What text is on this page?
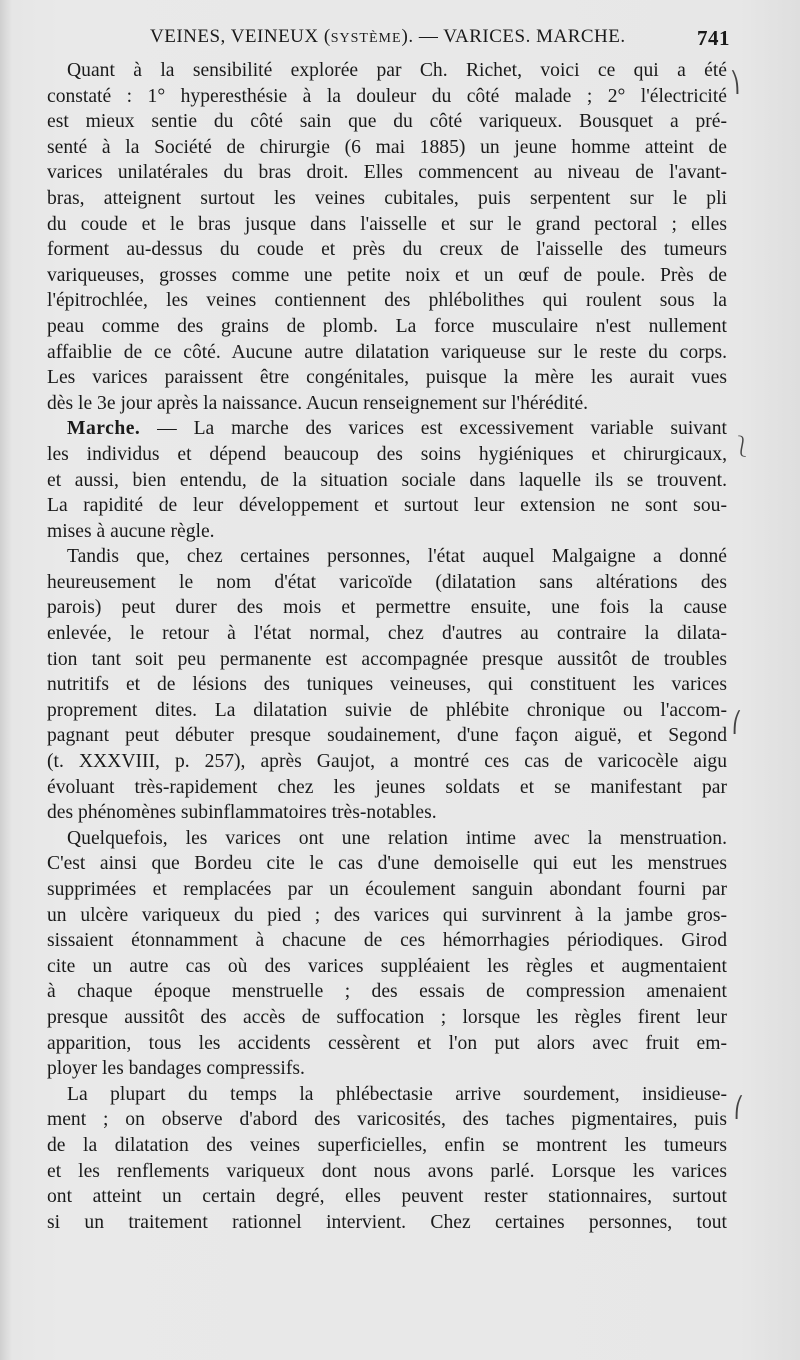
VEINES, VEINEUX (SYSTÈME). — VARICES. MARCHE.	741
Quant à la sensibilité explorée par Ch. Richet, voici ce qui a été
constaté : 1° hyperesthésie à la douleur du côté malade ; 2° l'électricité
est mieux sentie du côté sain que du côté variqueux. Bousquet a pré-
senté à la Société de chirurgie (6 mai 1885) un jeune homme atteint de
varices unilatérales du bras droit. Elles commencent au niveau de l'avant-
bras, atteignent surtout les veines cubitales, puis serpentent sur le pli
du coude et le bras jusque dans l'aisselle et sur le grand pectoral ; elles
forment au-dessus du coude et près du creux de l'aisselle des tumeurs
variqueuses, grosses comme une petite noix et un œuf de poule. Près de
l'épitrochlée, les veines contiennent des phlébolithes qui roulent sous la
peau comme des grains de plomb. La force musculaire n'est nullement
affaiblie de ce côté. Aucune autre dilatation variqueuse sur le reste du corps.
Les varices paraissent être congénitales, puisque la mère les aurait vues
dès le 3e jour après la naissance. Aucun renseignement sur l'hérédité.
Marche. — La marche des varices est excessivement variable suivant
les individus et dépend beaucoup des soins hygiéniques et chirurgicaux,
et aussi, bien entendu, de la situation sociale dans laquelle ils se trouvent.
La rapidité de leur développement et surtout leur extension ne sont sou-
mises à aucune règle.
Tandis que, chez certaines personnes, l'état auquel Malgaigne a donné
heureusement le nom d'état varicoïde (dilatation sans altérations des
parois) peut durer des mois et permettre ensuite, une fois la cause
enlevée, le retour à l'état normal, chez d'autres au contraire la dilata-
tion tant soit peu permanente est accompagnée presque aussitôt de troubles
nutritifs et de lésions des tuniques veineuses, qui constituent les varices
proprement dites. La dilatation suivie de phlébite chronique ou l'accom-
pagnant peut débuter presque soudainement, d'une façon aiguë, et Segond
(t. XXXVIII, p. 257), après Gaujot, a montré ces cas de varicocèle aigu
évoluant très-rapidement chez les jeunes soldats et se manifestant par
des phénomènes subinflammatoires très-notables.
Quelquefois, les varices ont une relation intime avec la menstruation.
C'est ainsi que Bordeu cite le cas d'une demoiselle qui eut les menstrues
supprimées et remplacées par un écoulement sanguin abondant fourni par
un ulcère variqueux du pied ; des varices qui survinrent à la jambe gros-
sissaient étonnamment à chacune de ces hémorrhagies périodiques. Girod
cite un autre cas où des varices suppléaient les règles et augmentaient
à chaque époque menstruelle ; des essais de compression amenaient
presque aussitôt des accès de suffocation ; lorsque les règles firent leur
apparition, tous les accidents cessèrent et l'on put alors avec fruit em-
ployer les bandages compressifs.
La plupart du temps la phlébectasie arrive sourdement, insidieuse-
ment ; on observe d'abord des varicosités, des taches pigmentaires, puis
de la dilatation des veines superficielles, enfin se montrent les tumeurs
et les renflements variqueux dont nous avons parlé. Lorsque les varices
ont atteint un certain degré, elles peuvent rester stationnaires, surtout
si un traitement rationnel intervient. Chez certaines personnes, tout
⎞
⎱
⎛
⎛
